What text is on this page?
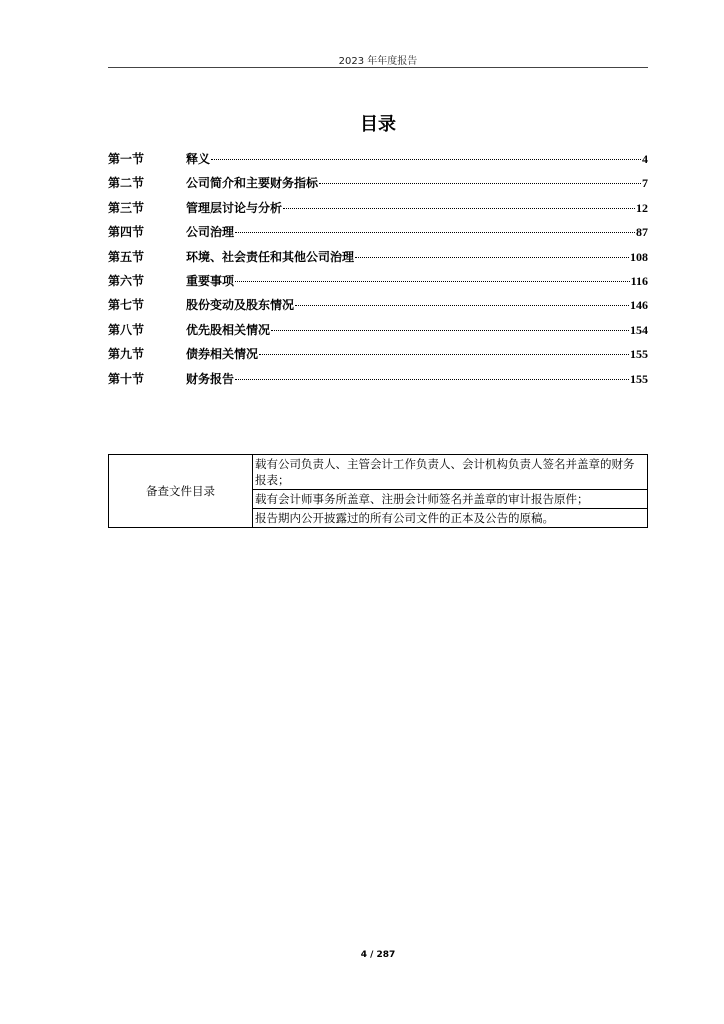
2023 年年度报告
目录
第一节	释义	4
第二节	公司简介和主要财务指标	7
第三节	管理层讨论与分析	12
第四节	公司治理	87
第五节	环境、社会责任和其他公司治理	108
第六节	重要事项	116
第七节	股份变动及股东情况	146
第八节	优先股相关情况	154
第九节	债券相关情况	155
第十节	财务报告	155
备查文件目录	载有公司负责人、主管会计工作负责人、会计机构负责人签名并盖章的财务报表；
载有会计师事务所盖章、注册会计师签名并盖章的审计报告原件；
报告期内公开披露过的所有公司文件的正本及公告的原稿。
4 / 287
